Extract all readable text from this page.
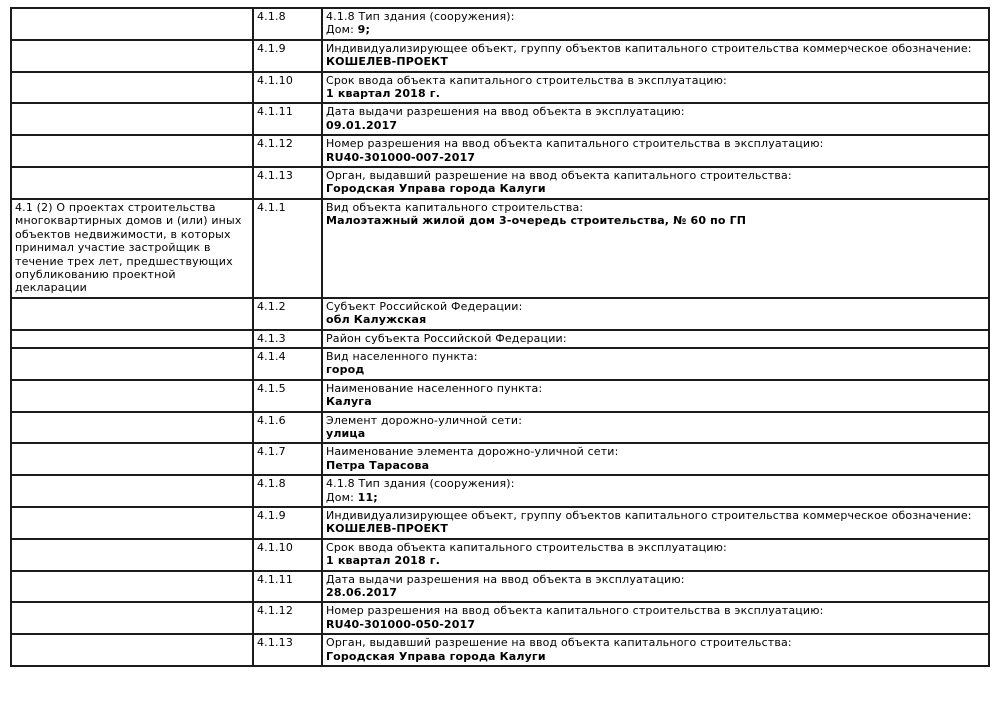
	4.1.8	4.1.8 Тип здания (сооружения):
Дом: 9;

	4.1.9	Индивидуализирующее объект, группу объектов капитального строительства коммерческое обозначение:
КОШЕЛЕВ-ПРОЕКТ

	4.1.10	Срок ввода объекта капитального строительства в эксплуатацию:
1 квартал 2018 г.

	4.1.11	Дата выдачи разрешения на ввод объекта в эксплуатацию:
09.01.2017

	4.1.12	Номер разрешения на ввод объекта капитального строительства в эксплуатацию:
RU40-301000-007-2017

	4.1.13	Орган, выдавший разрешение на ввод объекта капитального строительства:
Городская Управа города Калуги

4.1 (2) О проектах строительства многоквартирных домов и (или) иных объектов недвижимости, в которых принимал участие застройщик в течение трех лет, предшествующих опубликованию проектной декларации	4.1.1	Вид объекта капитального строительства:
Малоэтажный жилой дом 3-очередь строительства, № 60 по ГП

	4.1.2	Субъект Российской Федерации:
обл Калужская

	4.1.3	Район субъекта Российской Федерации:

	4.1.4	Вид населенного пункта:
город

	4.1.5	Наименование населенного пункта:
Калуга

	4.1.6	Элемент дорожно-уличной сети:
улица

	4.1.7	Наименование элемента дорожно-уличной сети:
Петра Тарасова

	4.1.8	4.1.8 Тип здания (сооружения):
Дом: 11;

	4.1.9	Индивидуализирующее объект, группу объектов капитального строительства коммерческое обозначение:
КОШЕЛЕВ-ПРОЕКТ

	4.1.10	Срок ввода объекта капитального строительства в эксплуатацию:
1 квартал 2018 г.

	4.1.11	Дата выдачи разрешения на ввод объекта в эксплуатацию:
28.06.2017

	4.1.12	Номер разрешения на ввод объекта капитального строительства в эксплуатацию:
RU40-301000-050-2017

	4.1.13	Орган, выдавший разрешение на ввод объекта капитального строительства:
Городская Управа города Калуги
